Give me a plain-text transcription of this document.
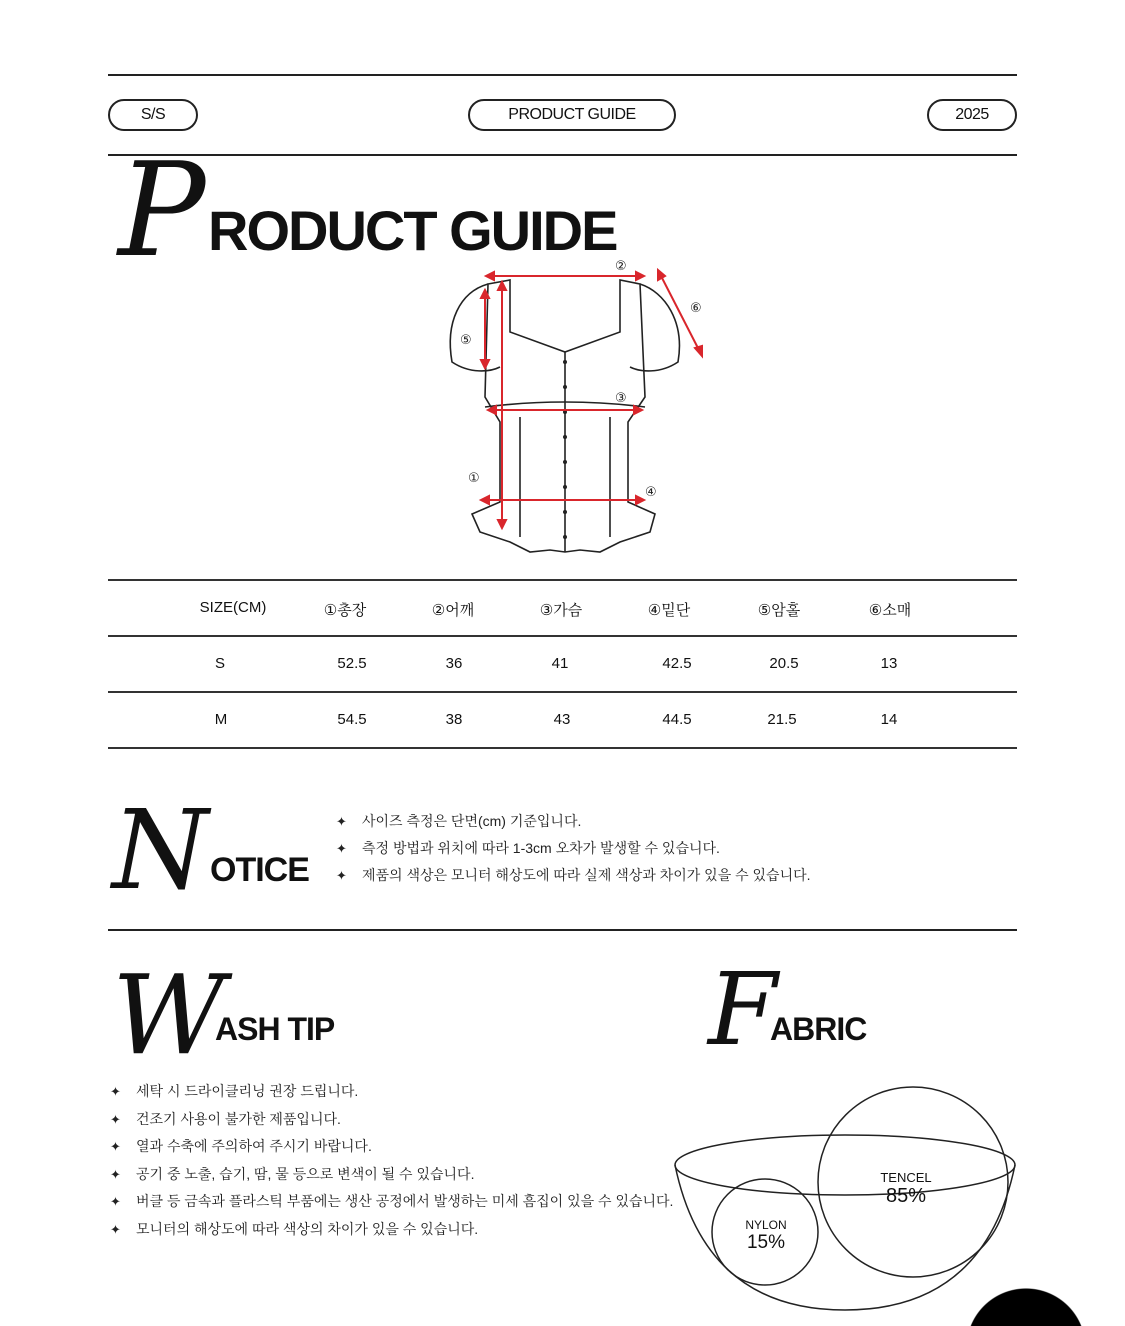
S/S	PRODUCT GUIDE	2025
P RODUCT GUIDE
①
②
③
④
⑤
⑥
SIZE(CM)	①총장	②어깨	③가슴	④밑단	⑤암홀	⑥소매
S	52.5	36	41	42.5	20.5	13
M	54.5	38	43	44.5	21.5	14
N OTICE
✦ 사이즈 측정은 단면(cm) 기준입니다.
✦ 측정 방법과 위치에 따라 1-3cm 오차가 발생할 수 있습니다.
✦ 제품의 색상은 모니터 해상도에 따라 실제 색상과 차이가 있을 수 있습니다.
W
ASH TIP
✦ 세탁 시 드라이클리닝 권장 드립니다.
✦ 건조기 사용이 불가한 제품입니다.
✦ 열과 수축에 주의하여 주시기 바랍니다.
✦ 공기 중 노출, 습기, 땀, 물 등으로 변색이 될 수 있습니다.
✦ 버클 등 금속과 플라스틱 부품에는 생산 공정에서 발생하는 미세 흠집이 있을 수 있습니다.
✦ 모니터의 해상도에 따라 색상의 차이가 있을 수 있습니다.
F
ABRIC
TENCEL
85%
NYLON
15%
